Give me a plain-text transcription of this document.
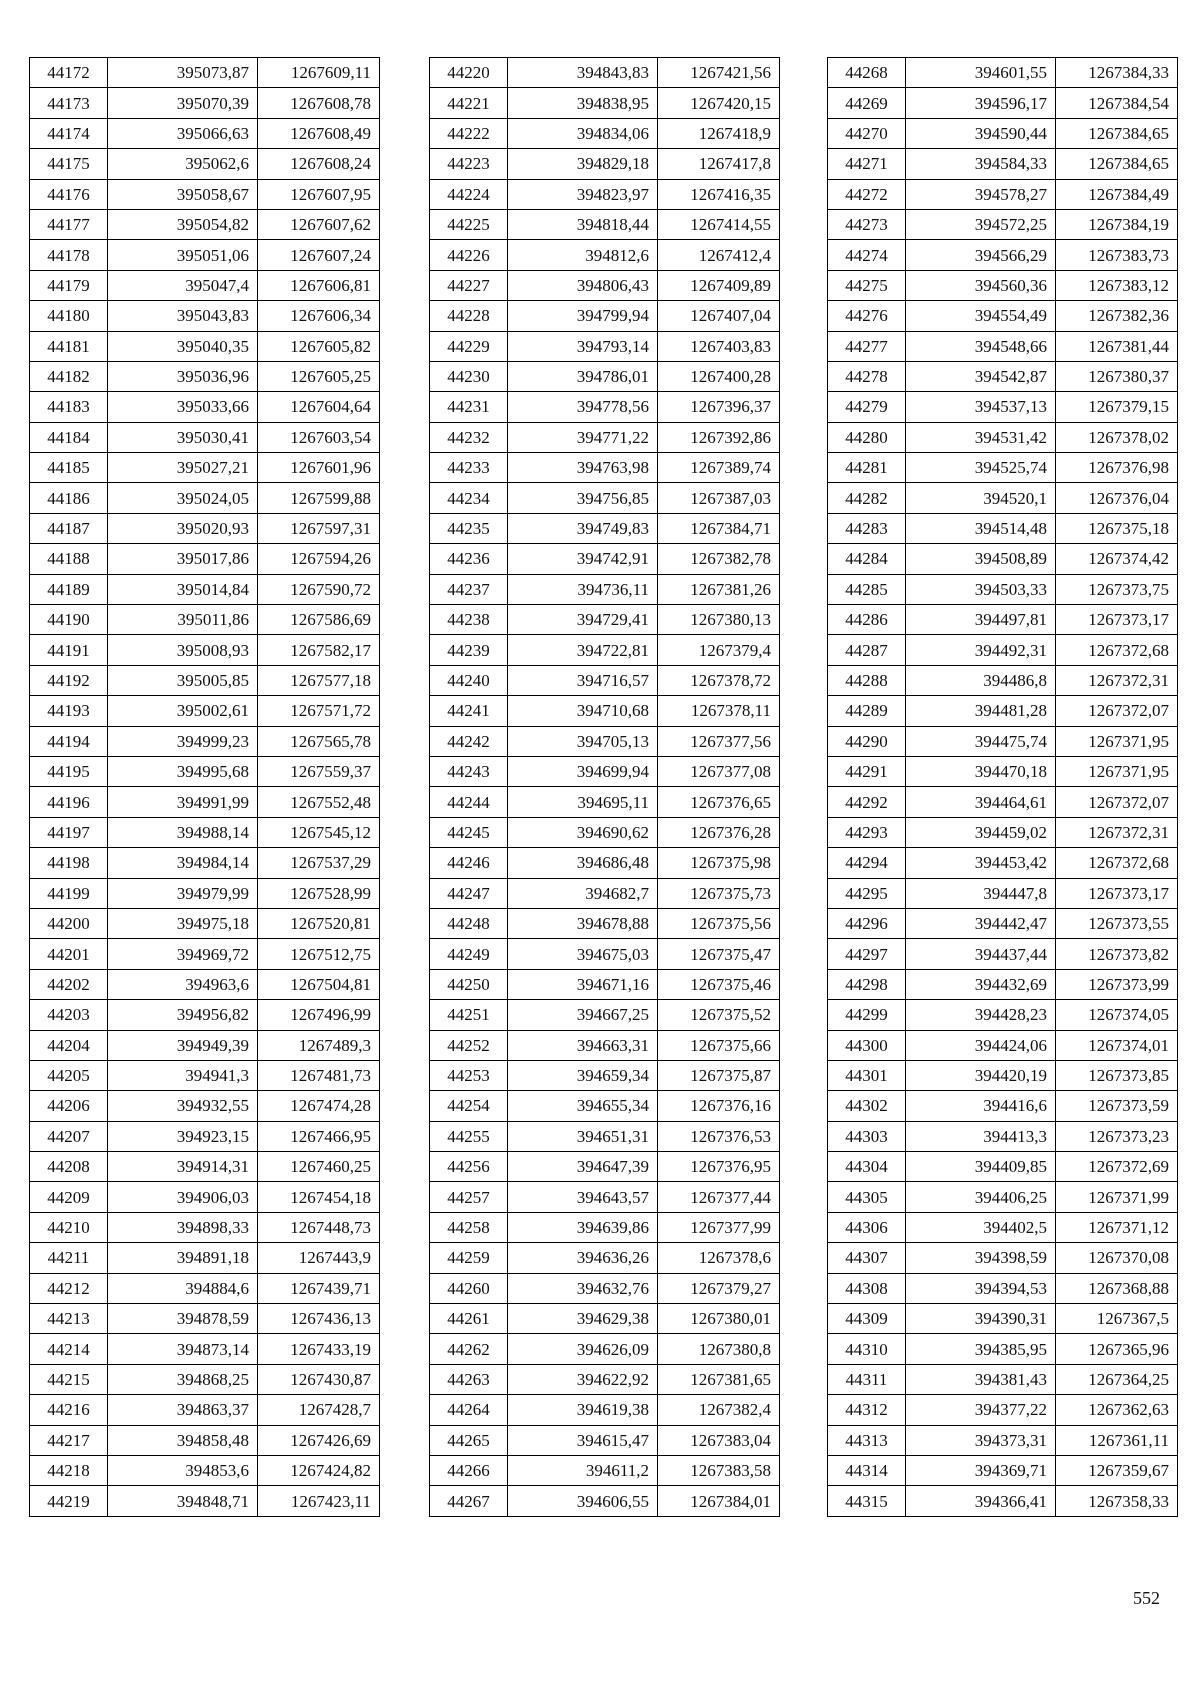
44172	395073,87	1267609,11
44173	395070,39	1267608,78
44174	395066,63	1267608,49
44175	395062,6	1267608,24
44176	395058,67	1267607,95
44177	395054,82	1267607,62
44178	395051,06	1267607,24
44179	395047,4	1267606,81
44180	395043,83	1267606,34
44181	395040,35	1267605,82
44182	395036,96	1267605,25
44183	395033,66	1267604,64
44184	395030,41	1267603,54
44185	395027,21	1267601,96
44186	395024,05	1267599,88
44187	395020,93	1267597,31
44188	395017,86	1267594,26
44189	395014,84	1267590,72
44190	395011,86	1267586,69
44191	395008,93	1267582,17
44192	395005,85	1267577,18
44193	395002,61	1267571,72
44194	394999,23	1267565,78
44195	394995,68	1267559,37
44196	394991,99	1267552,48
44197	394988,14	1267545,12
44198	394984,14	1267537,29
44199	394979,99	1267528,99
44200	394975,18	1267520,81
44201	394969,72	1267512,75
44202	394963,6	1267504,81
44203	394956,82	1267496,99
44204	394949,39	1267489,3
44205	394941,3	1267481,73
44206	394932,55	1267474,28
44207	394923,15	1267466,95
44208	394914,31	1267460,25
44209	394906,03	1267454,18
44210	394898,33	1267448,73
44211	394891,18	1267443,9
44212	394884,6	1267439,71
44213	394878,59	1267436,13
44214	394873,14	1267433,19
44215	394868,25	1267430,87
44216	394863,37	1267428,7
44217	394858,48	1267426,69
44218	394853,6	1267424,82
44219	394848,71	1267423,11
44220	394843,83	1267421,56
44221	394838,95	1267420,15
44222	394834,06	1267418,9
44223	394829,18	1267417,8
44224	394823,97	1267416,35
44225	394818,44	1267414,55
44226	394812,6	1267412,4
44227	394806,43	1267409,89
44228	394799,94	1267407,04
44229	394793,14	1267403,83
44230	394786,01	1267400,28
44231	394778,56	1267396,37
44232	394771,22	1267392,86
44233	394763,98	1267389,74
44234	394756,85	1267387,03
44235	394749,83	1267384,71
44236	394742,91	1267382,78
44237	394736,11	1267381,26
44238	394729,41	1267380,13
44239	394722,81	1267379,4
44240	394716,57	1267378,72
44241	394710,68	1267378,11
44242	394705,13	1267377,56
44243	394699,94	1267377,08
44244	394695,11	1267376,65
44245	394690,62	1267376,28
44246	394686,48	1267375,98
44247	394682,7	1267375,73
44248	394678,88	1267375,56
44249	394675,03	1267375,47
44250	394671,16	1267375,46
44251	394667,25	1267375,52
44252	394663,31	1267375,66
44253	394659,34	1267375,87
44254	394655,34	1267376,16
44255	394651,31	1267376,53
44256	394647,39	1267376,95
44257	394643,57	1267377,44
44258	394639,86	1267377,99
44259	394636,26	1267378,6
44260	394632,76	1267379,27
44261	394629,38	1267380,01
44262	394626,09	1267380,8
44263	394622,92	1267381,65
44264	394619,38	1267382,4
44265	394615,47	1267383,04
44266	394611,2	1267383,58
44267	394606,55	1267384,01
44268	394601,55	1267384,33
44269	394596,17	1267384,54
44270	394590,44	1267384,65
44271	394584,33	1267384,65
44272	394578,27	1267384,49
44273	394572,25	1267384,19
44274	394566,29	1267383,73
44275	394560,36	1267383,12
44276	394554,49	1267382,36
44277	394548,66	1267381,44
44278	394542,87	1267380,37
44279	394537,13	1267379,15
44280	394531,42	1267378,02
44281	394525,74	1267376,98
44282	394520,1	1267376,04
44283	394514,48	1267375,18
44284	394508,89	1267374,42
44285	394503,33	1267373,75
44286	394497,81	1267373,17
44287	394492,31	1267372,68
44288	394486,8	1267372,31
44289	394481,28	1267372,07
44290	394475,74	1267371,95
44291	394470,18	1267371,95
44292	394464,61	1267372,07
44293	394459,02	1267372,31
44294	394453,42	1267372,68
44295	394447,8	1267373,17
44296	394442,47	1267373,55
44297	394437,44	1267373,82
44298	394432,69	1267373,99
44299	394428,23	1267374,05
44300	394424,06	1267374,01
44301	394420,19	1267373,85
44302	394416,6	1267373,59
44303	394413,3	1267373,23
44304	394409,85	1267372,69
44305	394406,25	1267371,99
44306	394402,5	1267371,12
44307	394398,59	1267370,08
44308	394394,53	1267368,88
44309	394390,31	1267367,5
44310	394385,95	1267365,96
44311	394381,43	1267364,25
44312	394377,22	1267362,63
44313	394373,31	1267361,11
44314	394369,71	1267359,67
44315	394366,41	1267358,33
552
